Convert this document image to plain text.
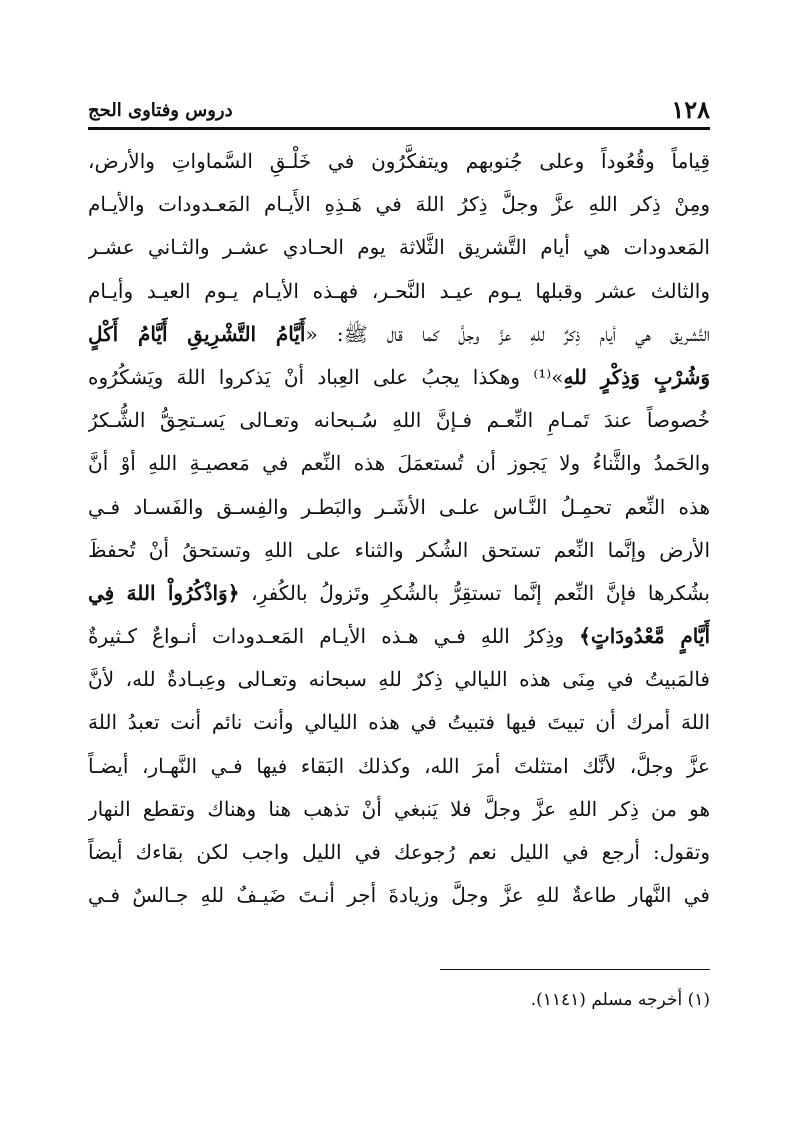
١٢٨
دروس وفتاوى الحج
قِياماً وقُعُوداً وعلى جُنوبهم ويتفكَّرُون في خَلْـقِ السَّماواتِ والأرض،
ومِنْ ذِكر اللهِ عزَّ وجلَّ ذِكرُ اللهَ في هَـذِهِ الأَيـام المَعـدودات والأيـام
المَعدودات هي أيام التَّشريق الثَّلاثة يوم الحـادي عشـر والثـاني عشـر
والثالث عشر وقبلها يـوم عيـد النَّحـر، فهـذه الأيـام يـوم العيـد وأيـام
التَّشريق هي أيام ذِكرٌ للهِ عزَّ وجلَّ كما قال ﷺ: «أَيَّامُ التَّشْرِيقِ أَيَّامُ أَكْلٍ
وَشُرْبٍ وَذِكْرٍ للهِ»⁽¹⁾ وهكذا يجبُ على العِباد أنْ يَذكروا اللهَ ويَشكُرُوه
خُصوصاً عندَ تَمـامِ النِّعـم فـإنَّ اللهِ سُـبحانه وتعـالى يَسـتحِقُّ الشُّـكرُ
والحَمدُ والثَّناءُ ولا يَجوز أن تُستعمَلَ هذه النِّعم في مَعصيـةِ اللهِ أوْ أنَّ
هذه النِّعم تحمِـلُ النَّـاس علـى الأشَـر والبَطـر والفِسـق والفَسـاد فـي
الأرض وإنَّما النِّعم تستحق الشُكر والثناء على اللهِ وتستحقُ أنْ تُحفظَ
بشُكرها فإنَّ النِّعم إنَّما تستقِرُّ بالشُكرِ وتَزولُ بالكُفرِ، ﴿وَاذْكُرُواْ اللهَ فِي
أَيَّامٍ مَّعْدُودَاتٍ﴾ وذِكرُ اللهِ فـي هـذه الأيـام المَعـدودات أنـواعٌ كـثيرةٌ
فالمَبيتُ في مِنَى هذه الليالي ذِكرٌ للهِ سبحانه وتعـالى وعِبـادةٌ لله، لأنَّ
اللهَ أمرك أن تبيتَ فيها فتبيتُ في هذه الليالي وأنت نائم أنت تعبدُ اللهَ
عزَّ وجلَّ، لأنَّك امتثلتَ أمرَ الله، وكذلك البَقاء فيها فـي النَّهـار، أيضـاً
هو من ذِكر اللهِ عزَّ وجلَّ فلا يَنبغي أنْ تذهب هنا وهناك وتقطع النهار
وتقول: أرجع في الليل نعم رُجوعك في الليل واجب لكن بقاءك أيضاً
في النَّهار طاعةٌ للهِ عزَّ وجلَّ وزيادةَ أجر أنـتَ ضَيـفٌ للهِ جـالسٌ فـي
(١) أخرجه مسلم (١١٤١).
